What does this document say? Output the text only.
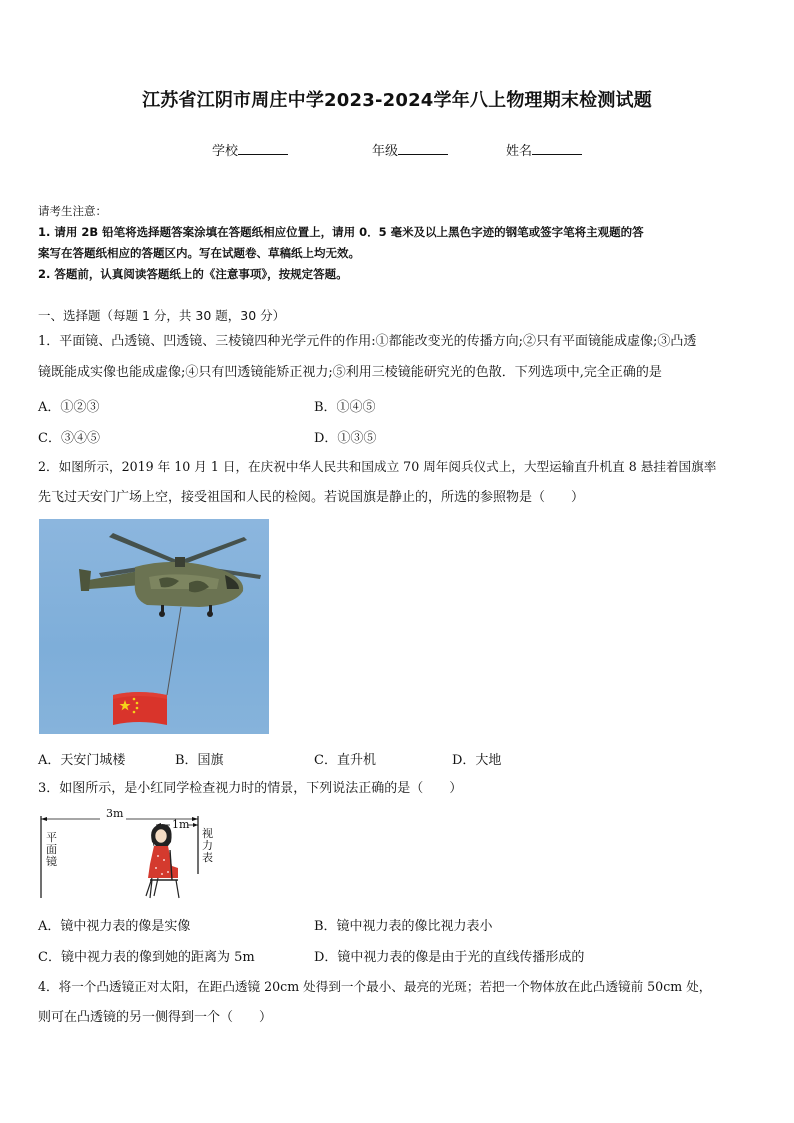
江苏省江阴市周庄中学2023-2024学年八上物理期末检测试题
学校	年级	姓名
请考生注意：
1. 请用 2B 铅笔将选择题答案涂填在答题纸相应位置上，请用 0．5 毫米及以上黑色字迹的钢笔或签字笔将主观题的答
案写在答题纸相应的答题区内。写在试题卷、草稿纸上均无效。
2. 答题前，认真阅读答题纸上的《注意事项》，按规定答题。
一、选择题（每题 1 分，共 30 题，30 分）
1．平面镜、凸透镜、凹透镜、三棱镜四种光学元件的作用:①都能改变光的传播方向;②只有平面镜能成虚像;③凸透
镜既能成实像也能成虚像;④只有凹透镜能矫正视力;⑤利用三棱镜能研究光的色散．下列选项中,完全正确的是
A．①②③	B．①④⑤
C．③④⑤	D．①③⑤
2．如图所示，2019 年 10 月 1 日，在庆祝中华人民共和国成立 70 周年阅兵仪式上，大型运输直升机直 8 悬挂着国旗率
先飞过天安门广场上空，接受祖国和人民的检阅。若说国旗是静止的，所选的参照物是（　　）
A．天安门城楼	B．国旗	C．直升机	D．大地
3．如图所示，是小红同学检查视力时的情景，下列说法正确的是（　　）
3m
1m
平面镜
视力表
A．镜中视力表的像是实像	B．镜中视力表的像比视力表小
C．镜中视力表的像到她的距离为 5m	D．镜中视力表的像是由于光的直线传播形成的
4．将一个凸透镜正对太阳，在距凸透镜 20cm 处得到一个最小、最亮的光斑；若把一个物体放在此凸透镜前 50cm 处，
则可在凸透镜的另一侧得到一个（　　）
